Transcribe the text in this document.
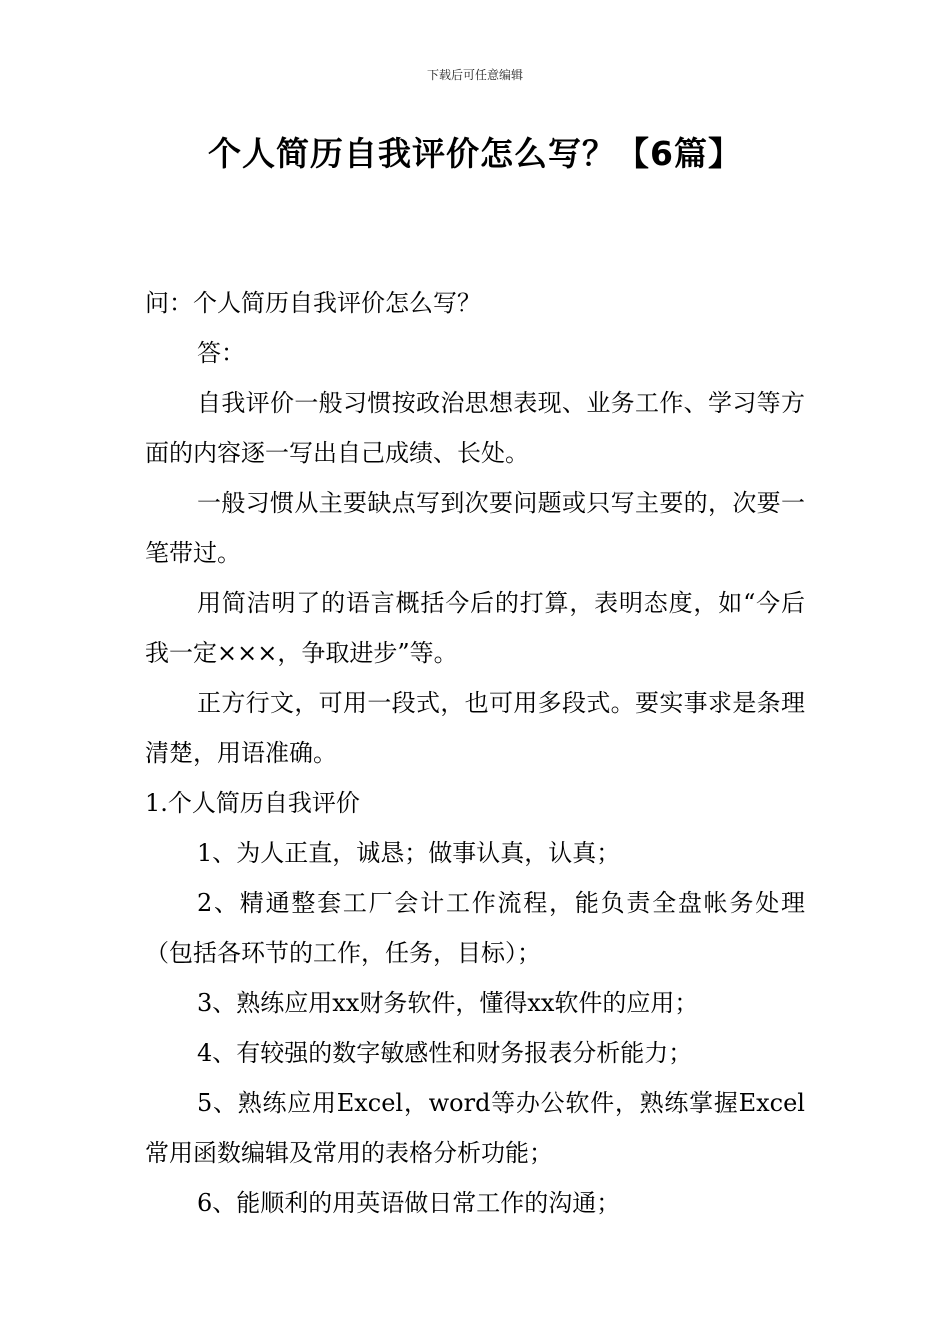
下载后可任意编辑
个人简历自我评价怎么写？【6篇】

问：个人简历自我评价怎么写？

答：

自我评价一般习惯按政治思想表现、业务工作、学习等方面的内容逐一写出自己成绩、长处。

一般习惯从主要缺点写到次要问题或只写主要的，次要一笔带过。

用简洁明了的语言概括今后的打算，表明态度，如“今后我一定×××，争取进步”等。

正方行文，可用一段式，也可用多段式。要实事求是条理清楚，用语准确。

1.个人简历自我评价

1、为人正直，诚恳；做事认真，认真；

2、精通整套工厂会计工作流程，能负责全盘帐务处理（包括各环节的工作，任务，目标）；

3、熟练应用xx财务软件，懂得xx软件的应用；

4、有较强的数字敏感性和财务报表分析能力；

5、熟练应用Excel，word等办公软件，熟练掌握Excel常用函数编辑及常用的表格分析功能；

6、能顺利的用英语做日常工作的沟通；
